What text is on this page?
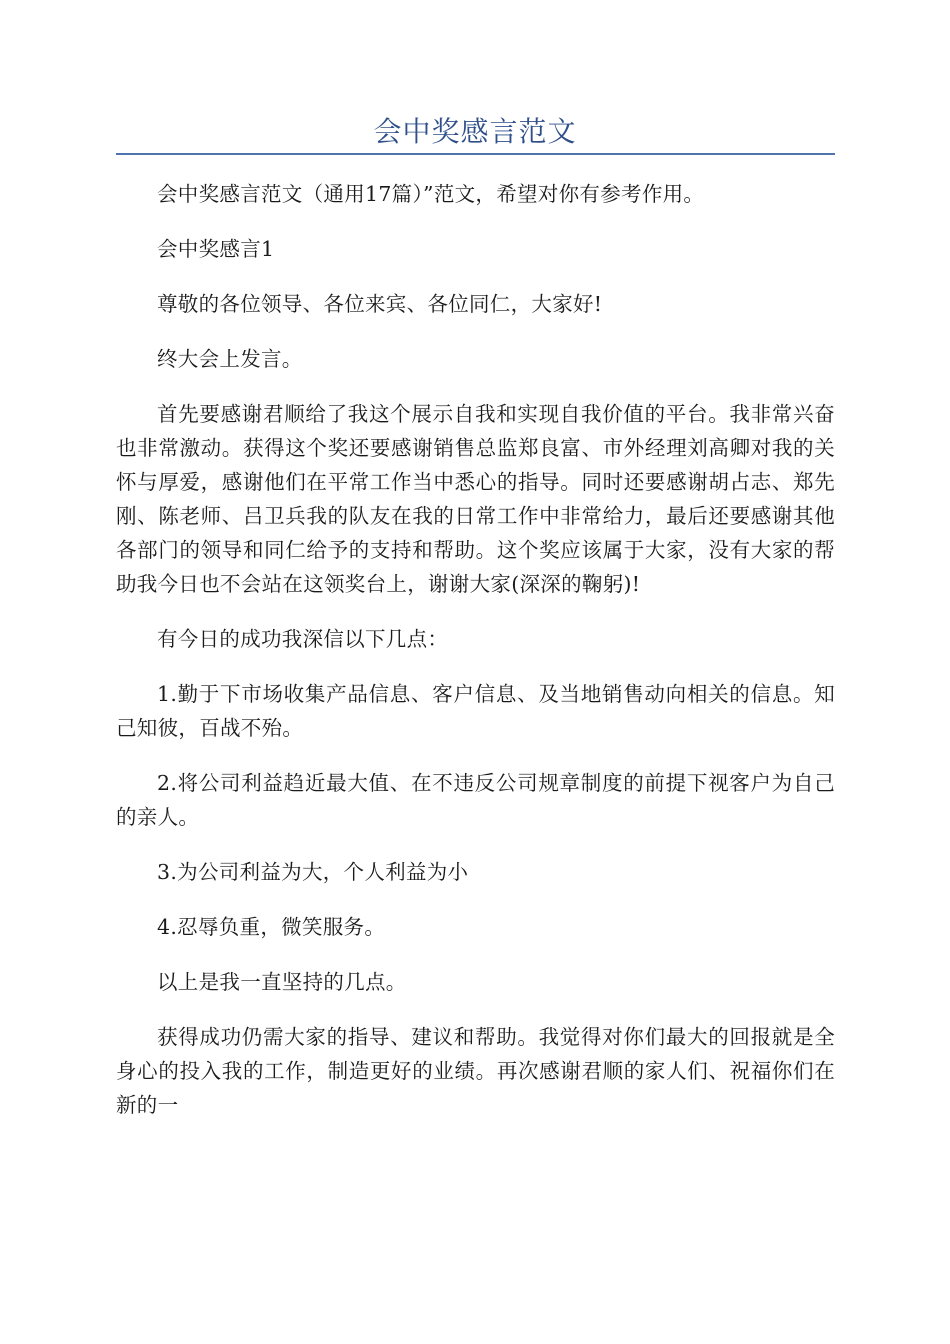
会中奖感言范文

会中奖感言范文（通用17篇）”范文，希望对你有参考作用。

会中奖感言1

尊敬的各位领导、各位来宾、各位同仁，大家好!

终大会上发言。

首先要感谢君顺给了我这个展示自我和实现自我价值的平台。我非常兴奋也非常激动。获得这个奖还要感谢销售总监郑良富、市外经理刘高卿对我的关怀与厚爱，感谢他们在平常工作当中悉心的指导。同时还要感谢胡占志、郑先刚、陈老师、吕卫兵我的队友在我的日常工作中非常给力，最后还要感谢其他各部门的领导和同仁给予的支持和帮助。这个奖应该属于大家，没有大家的帮助我今日也不会站在这领奖台上，谢谢大家(深深的鞠躬)!

有今日的成功我深信以下几点：

1.勤于下市场收集产品信息、客户信息、及当地销售动向相关的信息。知己知彼，百战不殆。

2.将公司利益趋近最大值、在不违反公司规章制度的前提下视客户为自己的亲人。

3.为公司利益为大，个人利益为小

4.忍辱负重，微笑服务。

以上是我一直坚持的几点。

获得成功仍需大家的指导、建议和帮助。我觉得对你们最大的回报就是全身心的投入我的工作，制造更好的业绩。再次感谢君顺的家人们、祝福你们在新的一
